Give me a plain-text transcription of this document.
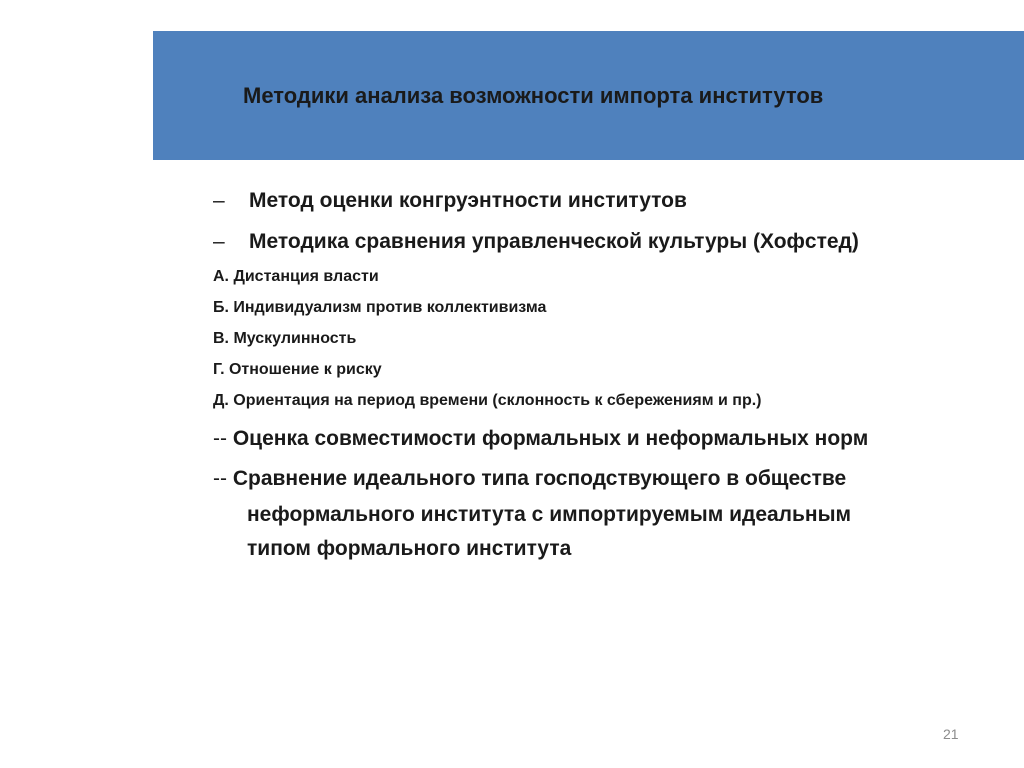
Методики анализа возможности импорта институтов

– Метод оценки конгруэнтности институтов

– Методика сравнения управленческой культуры (Хофстед)

А. Дистанция власти

Б. Индивидуализм против коллективизма

В. Мускулинность

Г. Отношение к риску

Д. Ориентация на период времени (склонность к сбережениям и пр.)

-- Оценка совместимости формальных и неформальных норм

-- Сравнение идеального типа господствующего в обществе

неформального института с импортируемым идеальным

типом формального института

21
